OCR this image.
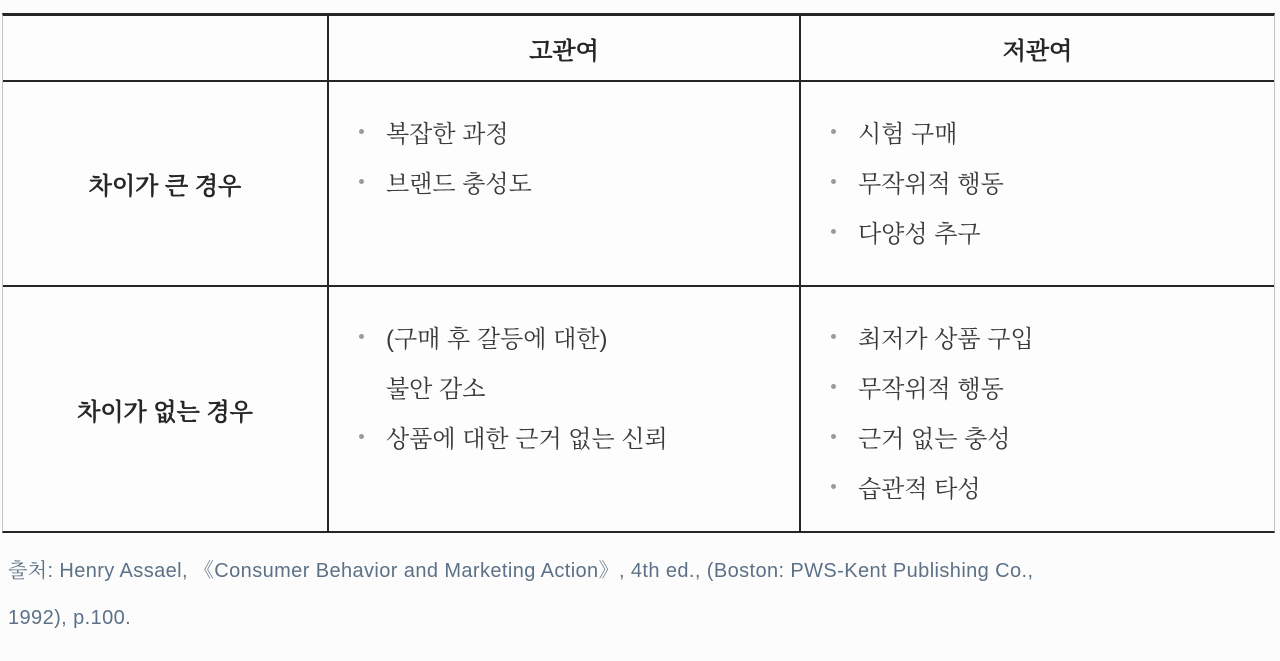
고관여	저관여
차이가 큰 경우
복잡한 과정
브랜드 충성도
시험 구매
무작위적 행동
다양성 추구
차이가 없는 경우
(구매 후 갈등에 대한)
불안 감소
상품에 대한 근거 없는 신뢰
최저가 상품 구입
무작위적 행동
근거 없는 충성
습관적 타성
출처: Henry Assael, 《Consumer Behavior and Marketing Action》, 4th ed., (Boston: PWS-Kent Publishing Co.,
1992), p.100.
